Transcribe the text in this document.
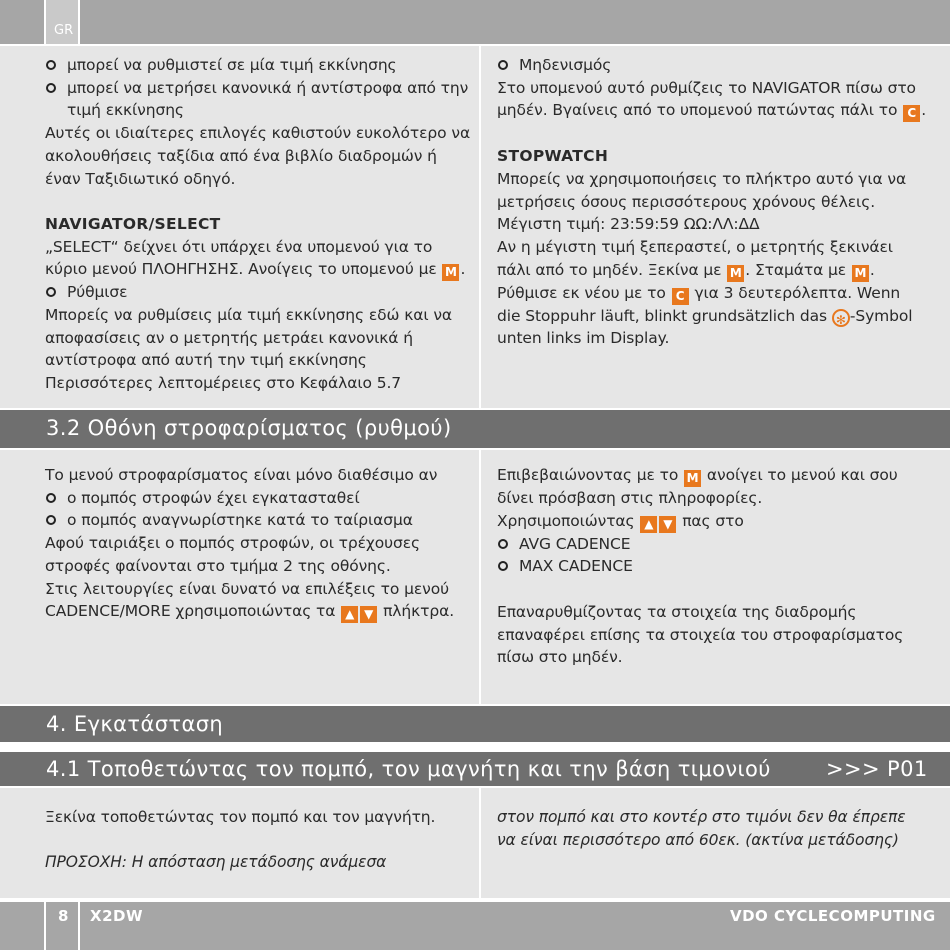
GR

μπορεί να ρυθμιστεί σε μία τιμή εκκίνησης

μπορεί να μετρήσει κανονικά ή αντίστροφα από την τιμή εκκίνησης

Αυτές οι ιδιαίτερες επιλογές καθιστούν ευκολότερο να ακολουθήσεις ταξίδια από ένα βιβλίο διαδρομών ή έναν Ταξιδιωτικό οδηγό.

NAVIGATOR/SELECT

„SELECT“ δείχνει ότι υπάρχει ένα υπομενού για το κύριο μενού ΠΛΟΗΓΗΣΗΣ. Ανοίγεις το υπομενού με M .

Ρύθμισε

Μπορείς να ρυθμίσεις μία τιμή εκκίνησης εδώ και να αποφασίσεις αν ο μετρητής μετράει κανονικά ή αντίστροφα από αυτή την τιμή εκκίνησης

Περισσότερες λεπτομέρειες στο Κεφάλαιο 5.7

Μηδενισμός

Στο υπομενού αυτό ρυθμίζεις το NAVIGATOR πίσω στο μηδέν. Βγαίνεις από το υπομενού πατώντας πάλι το C .

STOPWATCH

Μπορείς να χρησιμοποιήσεις το πλήκτρο αυτό για να μετρήσεις όσους περισσότερους χρόνους θέλεις. Μέγιστη τιμή: 23:59:59 ΩΩ:ΛΛ:ΔΔ

Αν η μέγιστη τιμή ξεπεραστεί, ο μετρητής ξεκινάει πάλι από το μηδέν. Ξεκίνα με M . Σταμάτα με M . Ρύθμισε εκ νέου με το C για 3 δευτερόλεπτα. Wenn die Stoppuhr läuft, blinkt grundsätzlich das ✻ -Symbol unten links im Display.

3.2 Οθόνη στροφαρίσματος (ρυθμού)

Το μενού στροφαρίσματος είναι μόνο διαθέσιμο αν

ο πομπός στροφών έχει εγκατασταθεί

ο πομπός αναγνωρίστηκε κατά το ταίριασμα

Αφού ταιριάξει ο πομπός στροφών, οι τρέχουσες στροφές φαίνονται στο τμήμα 2 της οθόνης.

Στις λειτουργίες είναι δυνατό να επιλέξεις το μενού CADENCE/MORE χρησιμοποιώντας τα ▲ ▼ πλήκτρα.

Επιβεβαιώνοντας με το M ανοίγει το μενού και σου δίνει πρόσβαση στις πληροφορίες.

Χρησιμοποιώντας ▲ ▼ πας στο

AVG CADENCE

MAX CADENCE

Επαναρυθμίζοντας τα στοιχεία της διαδρομής επαναφέρει επίσης τα στοιχεία του στροφαρίσματος πίσω στο μηδέν.

4. Εγκατάσταση
4.1 Τοποθετώντας τον πομπό, τον μαγνήτη και την βάση τιμονιού	>>> P01

Ξεκίνα τοποθετώντας τον πομπό και τον μαγνήτη.

ΠΡΟΣΟΧΗ: Η απόσταση μετάδοσης ανάμεσα

στον πομπό και στο κοντέρ στο τιμόνι δεν θα έπρεπε να είναι περισσότερο από 60εκ. (ακτίνα μετάδοσης)

8 X2DW	VDO CYCLECOMPUTING
